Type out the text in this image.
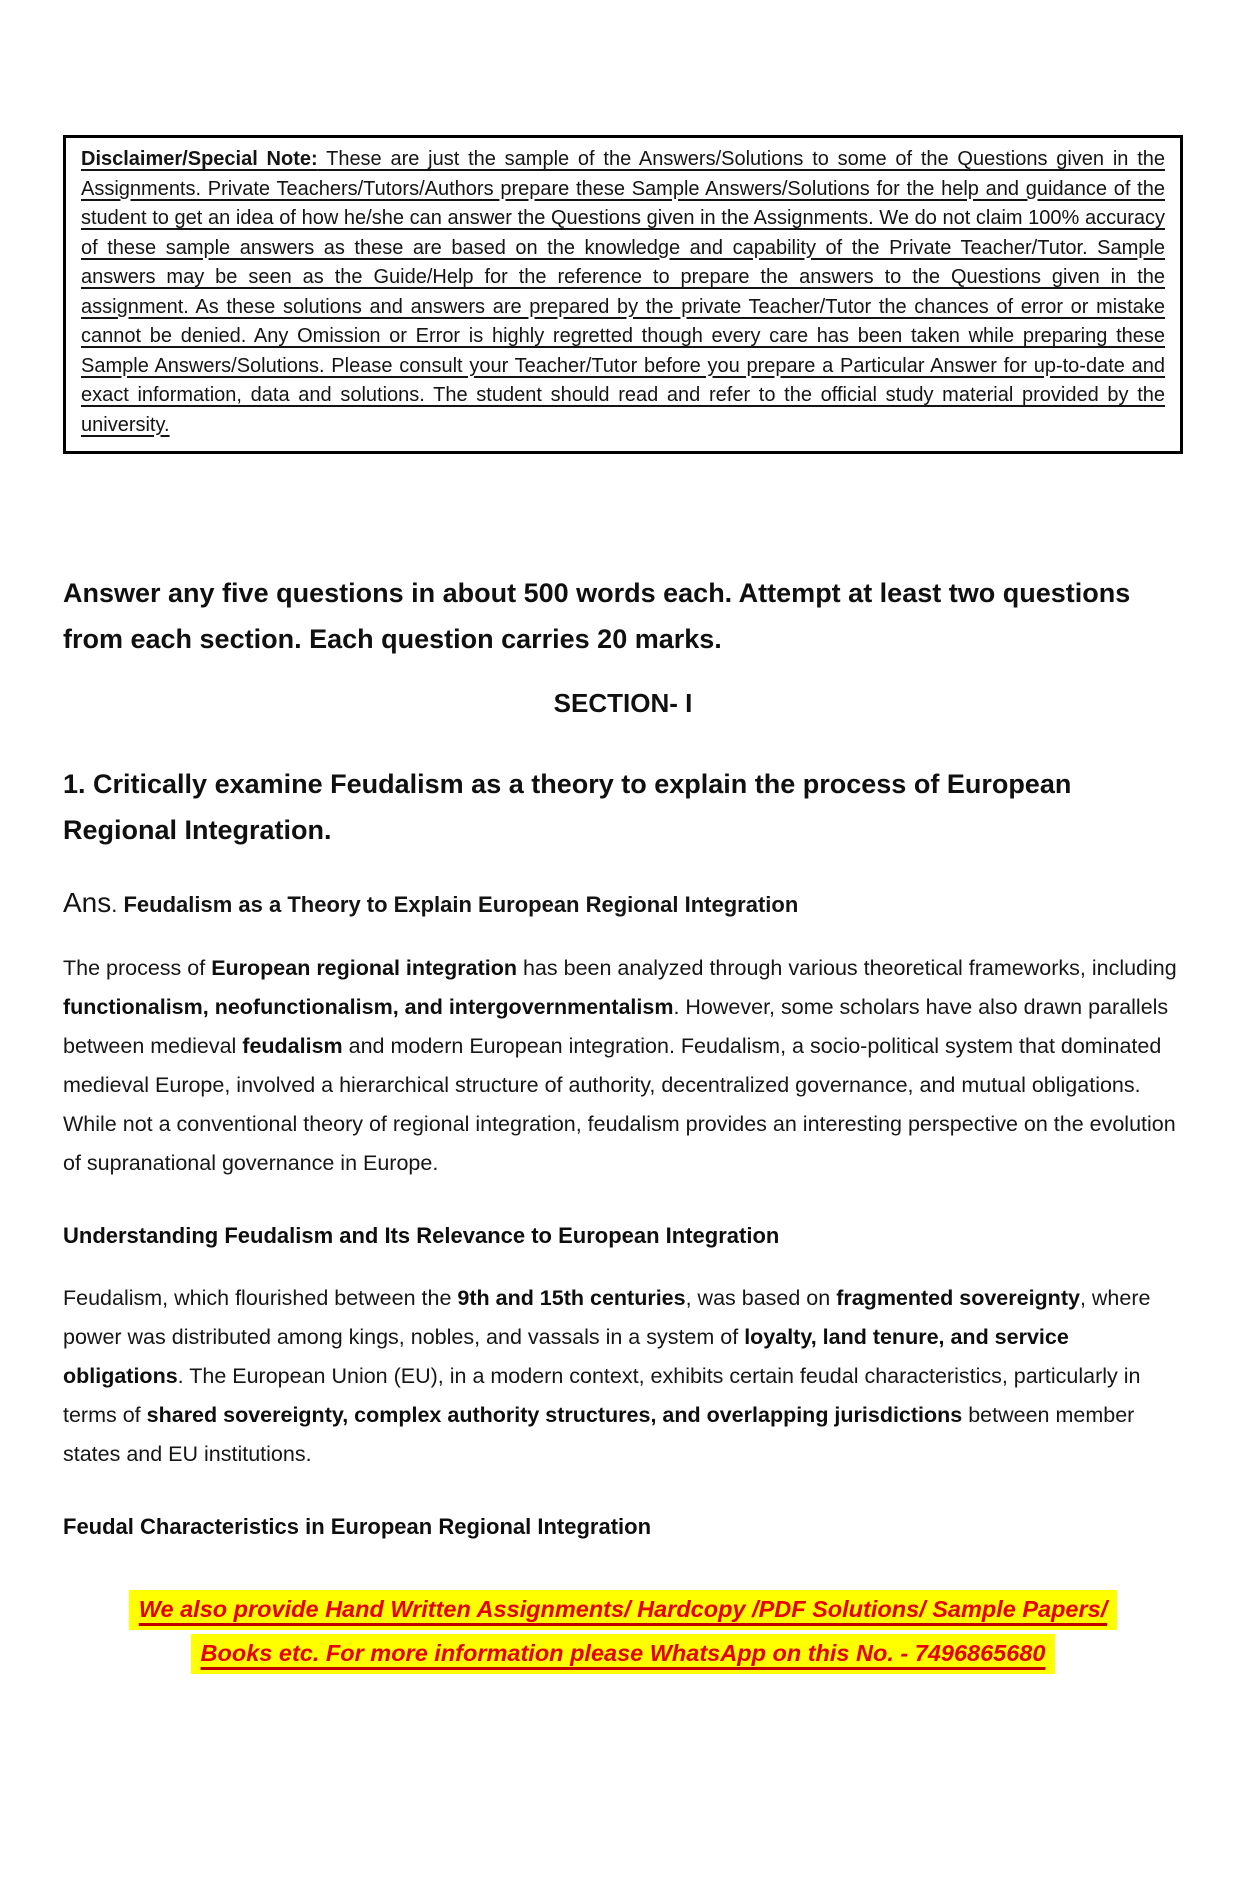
Disclaimer/Special Note: These are just the sample of the Answers/Solutions to some of the Questions given in the Assignments. Private Teachers/Tutors/Authors prepare these Sample Answers/Solutions for the help and guidance of the student to get an idea of how he/she can answer the Questions given in the Assignments. We do not claim 100% accuracy of these sample answers as these are based on the knowledge and capability of the Private Teacher/Tutor. Sample answers may be seen as the Guide/Help for the reference to prepare the answers to the Questions given in the assignment. As these solutions and answers are prepared by the private Teacher/Tutor the chances of error or mistake cannot be denied. Any Omission or Error is highly regretted though every care has been taken while preparing these Sample Answers/Solutions. Please consult your Teacher/Tutor before you prepare a Particular Answer for up-to-date and exact information, data and solutions. The student should read and refer to the official study material provided by the university.

Answer any five questions in about 500 words each. Attempt at least two questions from each section. Each question carries 20 marks.

SECTION- I
1. Critically examine Feudalism as a theory to explain the process of European Regional Integration.

Ans. Feudalism as a Theory to Explain European Regional Integration

The process of European regional integration has been analyzed through various theoretical frameworks, including functionalism, neofunctionalism, and intergovernmentalism. However, some scholars have also drawn parallels between medieval feudalism and modern European integration. Feudalism, a socio-political system that dominated medieval Europe, involved a hierarchical structure of authority, decentralized governance, and mutual obligations. While not a conventional theory of regional integration, feudalism provides an interesting perspective on the evolution of supranational governance in Europe.

Understanding Feudalism and Its Relevance to European Integration

Feudalism, which flourished between the 9th and 15th centuries, was based on fragmented sovereignty, where power was distributed among kings, nobles, and vassals in a system of loyalty, land tenure, and service obligations. The European Union (EU), in a modern context, exhibits certain feudal characteristics, particularly in terms of shared sovereignty, complex authority structures, and overlapping jurisdictions between member states and EU institutions.

Feudal Characteristics in European Regional Integration
We also provide Hand Written Assignments/ Hardcopy /PDF Solutions/ Sample Papers/
Books etc. For more information please WhatsApp on this No. - 7496865680
